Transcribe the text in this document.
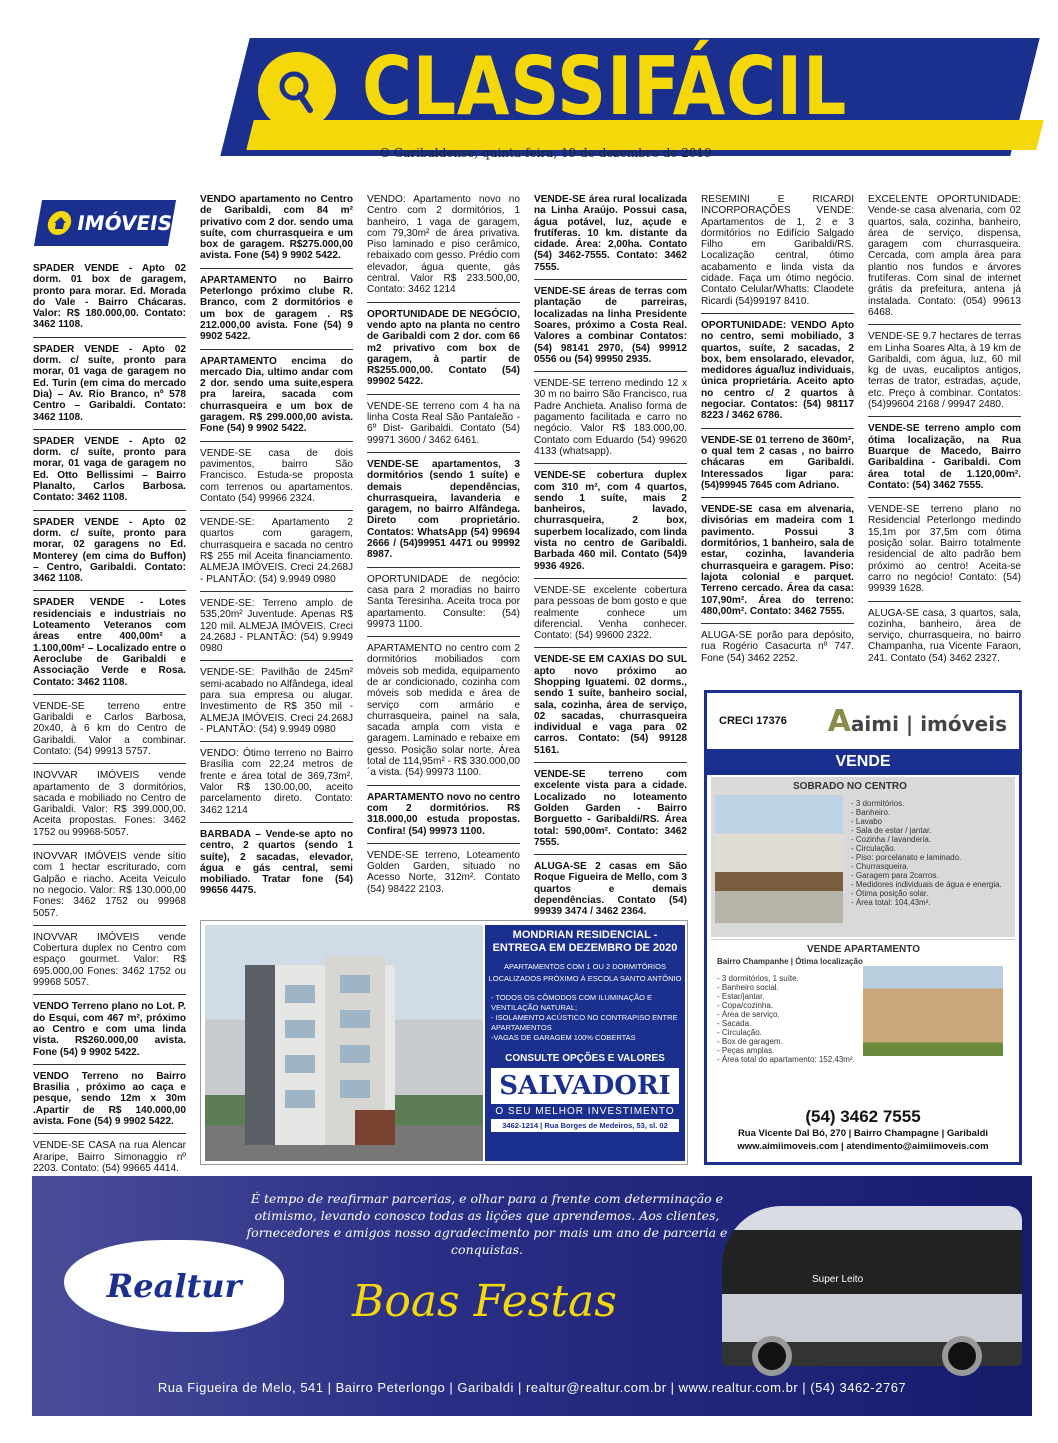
CLASSIFÁCIL
O Garibaldense, quinta-feira, 19 de dezembro de 2019
IMÓVEIS
SPADER VENDE - Apto 02 dorm. 01 box de garagem, pronto para morar. Ed. Morada do Vale - Bairro Chácaras. Valor: R$ 180.000,00. Contato: 3462 1108.
SPADER VENDE - Apto 02 dorm. c/ suíte, pronto para morar, 01 vaga de garagem no Ed. Turin (em cima do mercado Dia) – Av. Rio Branco, nº 578 Centro – Garibaldi. Contato: 3462 1108.
SPADER VENDE - Apto 02 dorm. c/ suíte, pronto para morar, 01 vaga de garagem no Ed. Otto Bellissimi – Bairro Planalto, Carlos Barbosa. Contato: 3462 1108.
SPADER VENDE - Apto 02 dorm. c/ suíte, pronto para morar, 02 garagens no Ed. Monterey (em cima do Buffon) – Centro, Garibaldi. Contato: 3462 1108.
SPADER VENDE - Lotes residenciais e industriais no Loteamento Veteranos com áreas entre 400,00m² a 1.100,00m² – Localizado entre o Aeroclube de Garibaldi e Associação Verde e Rosa. Contato: 3462 1108.
VENDE-SE terreno entre Garibaldi e Carlos Barbosa, 20x40, à 6 km do Centro de Garibaldi. Valor a combinar. Contato: (54) 99913 5757.
INOVVAR IMÓVEIS vende apartamento de 3 dormitórios, sacada e mobiliado no Centro de Garibaldi. Valor: R$ 399.000,00. Aceita propostas. Fones: 3462 1752 ou 99968-5057.
INOVVAR IMÓVEIS vende sítio com 1 hectar escriturado, com Galpão e riacho. Aceita Veiculo no negocio. Valor: R$ 130.000,00 Fones: 3462 1752 ou 99968 5057.
INOVVAR IMÓVEIS vende Cobertura duplex no Centro com espaço gourmet. Valor: R$ 695.000,00 Fones: 3462 1752 ou 99968 5057.
VENDO Terreno plano no Lot. P. do Esqui, com 467 m², próximo ao Centro e com uma linda vista. R$260.000,00 avista. Fone (54) 9 9902 5422.
VENDO Terreno no Bairro Brasilia , próximo ao caça e pesque, sendo 12m x 30m .Apartir de R$ 140.000,00 avista. Fone (54) 9 9902 5422.
VENDE-SE CASA na rua Alencar Araripe, Bairro Simonaggio nº 2203. Contato: (54) 99665 4414.
VENDO apartamento no Centro de Garibaldi, com 84 m² privativo com 2 dor. sendo uma suíte, com churrasqueira e um box de garagem. R$275.000,00 avista. Fone (54) 9 9902 5422.
APARTAMENTO no Bairro Peterlongo próximo clube R. Branco, com 2 dormitórios e um box de garagem . R$ 212.000,00 avista. Fone (54) 9 9902 5422.
APARTAMENTO encima do mercado Dia, ultimo andar com 2 dor. sendo uma suite,espera pra lareira, sacada com churrasqueira e um box de garagem. R$ 299.000,00 avista. Fone (54) 9 9902 5422.
VENDE-SE casa de dois pavimentos, bairro São Francisco. Estuda-se proposta com terrenos ou apartamentos. Contato (54) 99966 2324.
VENDE-SE: Apartamento 2 quartos com garagem, churrasqueira e sacada no centro R$ 255 mil Aceita financiamento. ALMEJA IMÓVEIS. Creci 24.268J - PLANTÃO: (54) 9.9949 0980
VENDE-SE: Terreno amplo de 535,20m² Juventude. Apenas R$ 120 mil. ALMEJA IMÓVEIS. Creci 24.268J - PLANTÃO: (54) 9.9949 0980
VENDE-SE: Pavilhão de 245m² semi-acabado no Alfândega, ideal para sua empresa ou alugar. Investimento de R$ 350 mil - ALMEJA IMÓVEIS. Creci 24.268J - PLANTÃO: (54) 9.9949 0980
VENDO: Ótimo terreno no Bairro Brasília com 22,24 metros de frente e área total de 369,73m². Valor R$ 130.00,00, aceito parcelamento direto. Contato: 3462 1214
BARBADA – Vende-se apto no centro, 2 quartos (sendo 1 suíte), 2 sacadas, elevador, água e gás central, semi mobiliado. Tratar fone (54) 99656 4475.
VENDO: Apartamento novo no Centro com 2 dormitórios, 1 banheiro, 1 vaga de garagem, com 79,30m² de área privativa. Piso laminado e piso cerâmico, rebaixado com gesso. Prédio com elevador, água quente, gás central. Valor R$ 233.500,00, Contato: 3462 1214
OPORTUNIDADE DE NEGÓCIO, vendo apto na planta no centro de Garibaldi com 2 dor. com 66 m2 privativo com box de garagem, à partir de R$255.000,00. Contato (54) 99902 5422.
VENDE-SE terreno com 4 ha na linha Costa Real São Pantaleão - 6º Dist- Garibaldi. Contato (54) 99971 3600 / 3462 6461.
VENDE-SE apartamentos, 3 dormitórios (sendo 1 suíte) e demais dependências, churrasqueira, lavanderia e garagem, no bairro Alfândega. Direto com proprietário. Contatos: WhatsApp (54) 99694 2666 / (54)99951 4471 ou 99992 8987.
OPORTUNIDADE de negócio: casa para 2 moradias no bairro Santa Teresinha. Aceita troca por apartamento. Consulte: (54) 99973 1100.
APARTAMENTO no centro com 2 dormitórios mobiliados com móveis sob medida, equipamento de ar condicionado, cozinha com móveis sob medida e área de serviço com armário e churrasqueira, painel na sala, sacada ampla com vista e garagem. Laminado e rebaixe em gesso. Posição solar norte. Área total de 114,95m² - R$ 330.000,00 ´a vista. (54) 99973 1100.
APARTAMENTO novo no centro com 2 dormitórios. R$ 318.000,00 estuda propostas. Confira! (54) 99973 1100.
VENDE-SE terreno, Loteamento Golden Garden, situado no Acesso Norte, 312m². Contato (54) 98422 2103.
VENDE-SE área rural localizada na Linha Araújo. Possui casa, água potável, luz, açude e frutíferas. 10 km. distante da cidade. Área: 2,00ha. Contato (54) 3462-7555. Contato: 3462 7555.
VENDE-SE áreas de terras com plantação de parreiras, localizadas na linha Presidente Soares, próximo a Costa Real. Valores a combinar Contatos: (54) 98141 2970, (54) 99912 0556 ou (54) 99950 2935.
VENDE-SE terreno medindo 12 x 30 m no bairro São Francisco, rua Padre Anchieta. Analiso forma de pagamento facilitada e carro no negócio. Valor R$ 183.000,00. Contato com Eduardo (54) 99620 4133 (whatsapp).
VENDE-SE cobertura duplex com 310 m², com 4 quartos, sendo 1 suíte, mais 2 banheiros, lavado, churrasqueira, 2 box, superbem localizado, com linda vista no centro de Garibaldi. Barbada 460 mil. Contato (54)9 9936 4926.
VENDE-SE excelente cobertura para pessoas de bom gosto e que realmente conhece um diferencial. Venha conhecer. Contato: (54) 99600 2322.
VENDE-SE EM CAXIAS DO SUL apto novo próximo ao Shopping Iguatemi. 02 dorms., sendo 1 suíte, banheiro social, sala, cozinha, área de serviço, 02 sacadas, churrasqueira individual e vaga para 02 carros. Contato: (54) 99128 5161.
VENDE-SE terreno com excelente vista para a cidade. Localizado no loteamento Golden Garden - Bairro Borguetto - Garibaldi/RS. Área total: 590,00m². Contato: 3462 7555.
ALUGA-SE 2 casas em São Roque Figueira de Mello, com 3 quartos e demais dependências. Contato (54) 99939 3474 / 3462 2364.
RESEMINI E RICARDI INCORPORAÇÕES VENDE: Apartamentos de 1, 2 e 3 dormitórios no Edifício Salgado Filho em Garibaldi/RS. Localização central, ótimo acabamento e linda vista da cidade. Faça um ótimo negócio. Contato Celular/Whatts: Claodete Ricardi (54)99197 8410.
OPORTUNIDADE: VENDO Apto no centro, semi mobiliado, 3 quartos, suíte, 2 sacadas, 2 box, bem ensolarado, elevador, medidores água/luz individuais, única proprietária. Aceito apto no centro c/ 2 quartos à negociar. Contatos: (54) 98117 8223 / 3462 6786.
VENDE-SE 01 terreno de 360m², o qual tem 2 casas , no bairro chácaras em Garibaldi. Interessados ligar para: (54)99945 7645 com Adriano.
VENDE-SE casa em alvenaria, divisórias em madeira com 1 pavimento. Possui 3 dormitórios, 1 banheiro, sala de estar, cozinha, lavanderia churrasqueira e garagem. Piso: lajota colonial e parquet. Terreno cercado. Área da casa: 107,90m². Área do terreno: 480,00m². Contato: 3462 7555.
ALUGA-SE porão para depósito, rua Rogério Casacurta nº 747. Fone (54) 3462 2252.
EXCELENTE OPORTUNIDADE: Vende-se casa alvenaria, com 02 quartos, sala, cozinha, banheiro, área de serviço, dispensa, garagem com churrasqueira. Cercada, com ampla área para plantio nos fundos e árvores frutíferas. Com sinal de internet grátis da prefeitura, antena já instalada. Contato: (054) 99613 6468.
VENDE-SE 9.7 hectares de terras em Linha Soares Alta, à 19 km de Garibaldi, com água, luz, 60 mil kg de uvas, eucaliptos antigos, terras de trator, estradas, açude, etc. Preço à combinar. Contatos: (54)99604 2168 / 99947 2480.
VENDE-SE terreno amplo com ótima localização, na Rua Buarque de Macedo, Bairro Garibaldina - Garibaldi. Com área total de 1.120,00m². Contato: (54) 3462 7555.
VENDE-SE terreno plano no Residencial Peterlongo medindo 15,1m por 37,5m com ótima posição solar. Bairro totalmente residencial de alto padrão bem próximo ao centro! Aceita-se carro no negócio! Contato: (54) 99939 1628.
ALUGA-SE casa, 3 quartos, sala, cozinha, banheiro, área de serviço, churrasqueira, no bairro Champanha, rua Vicente Faraon, 241. Contato (54) 3462 2327.
CRECI 17376 Aaimi | imóveis
VENDE
SOBRADO NO CENTRO
- 3 dormitórios.
- Banheiro.
- Lavabo
- Sala de estar / jantar.
- Cozinha / lavanderia.
- Circulação.
- Piso: porcelanato e laminado.
- Churrasqueira.
- Garagem para 2carros.
- Medidores individuais de água e energia.
- Ótima posição solar.
- Área total: 104,43m².
VENDE APARTAMENTO
Bairro Champanhe | Ótima localização
- 3 dormitórios, 1 suíte.
- Banheiro social.
- Estar/jantar.
- Copa/cozinha.
- Área de serviço.
- Sacada.
- Circulação.
- Box de garagem.
- Peças amplas.
- Área total do apartamento: 152,43m².
(54) 3462 7555
Rua Vicente Dal Bó, 270 | Bairro Champagne | Garibaldi
www.aimiimoveis.com | atendimento@aimiimoveis.com
MONDRIAN RESIDENCIAL - ENTREGA EM DEZEMBRO DE 2020
APARTAMENTOS COM 1 OU 2 DORMITÓRIOS
LOCALIZADOS PRÓXIMO À ESCOLA SANTO ANTÔNIO
- TODOS OS CÔMODOS COM ILUMINAÇÃO E VENTILAÇÃO NATURAL;
- ISOLAMENTO ACÚSTICO NO CONTRAPISO ENTRE APARTAMENTOS
-VAGAS DE GARAGEM 100% COBERTAS
CONSULTE OPÇÕES E VALORES
SALVADORI
O SEU MELHOR INVESTIMENTO
3462-1214 | Rua Borges de Medeiros, 53, sl. 02
É tempo de reafirmar parcerias, e olhar para a frente com determinação e otimismo, levando conosco todas as lições que aprendemos. Aos clientes, fornecedores e amigos nosso agradecimento por mais um ano de parceria e conquistas.
Realtur	Boas Festas	Super Leito
Rua Figueira de Melo, 541 | Bairro Peterlongo | Garibaldi | realtur@realtur.com.br | www.realtur.com.br | (54) 3462-2767
